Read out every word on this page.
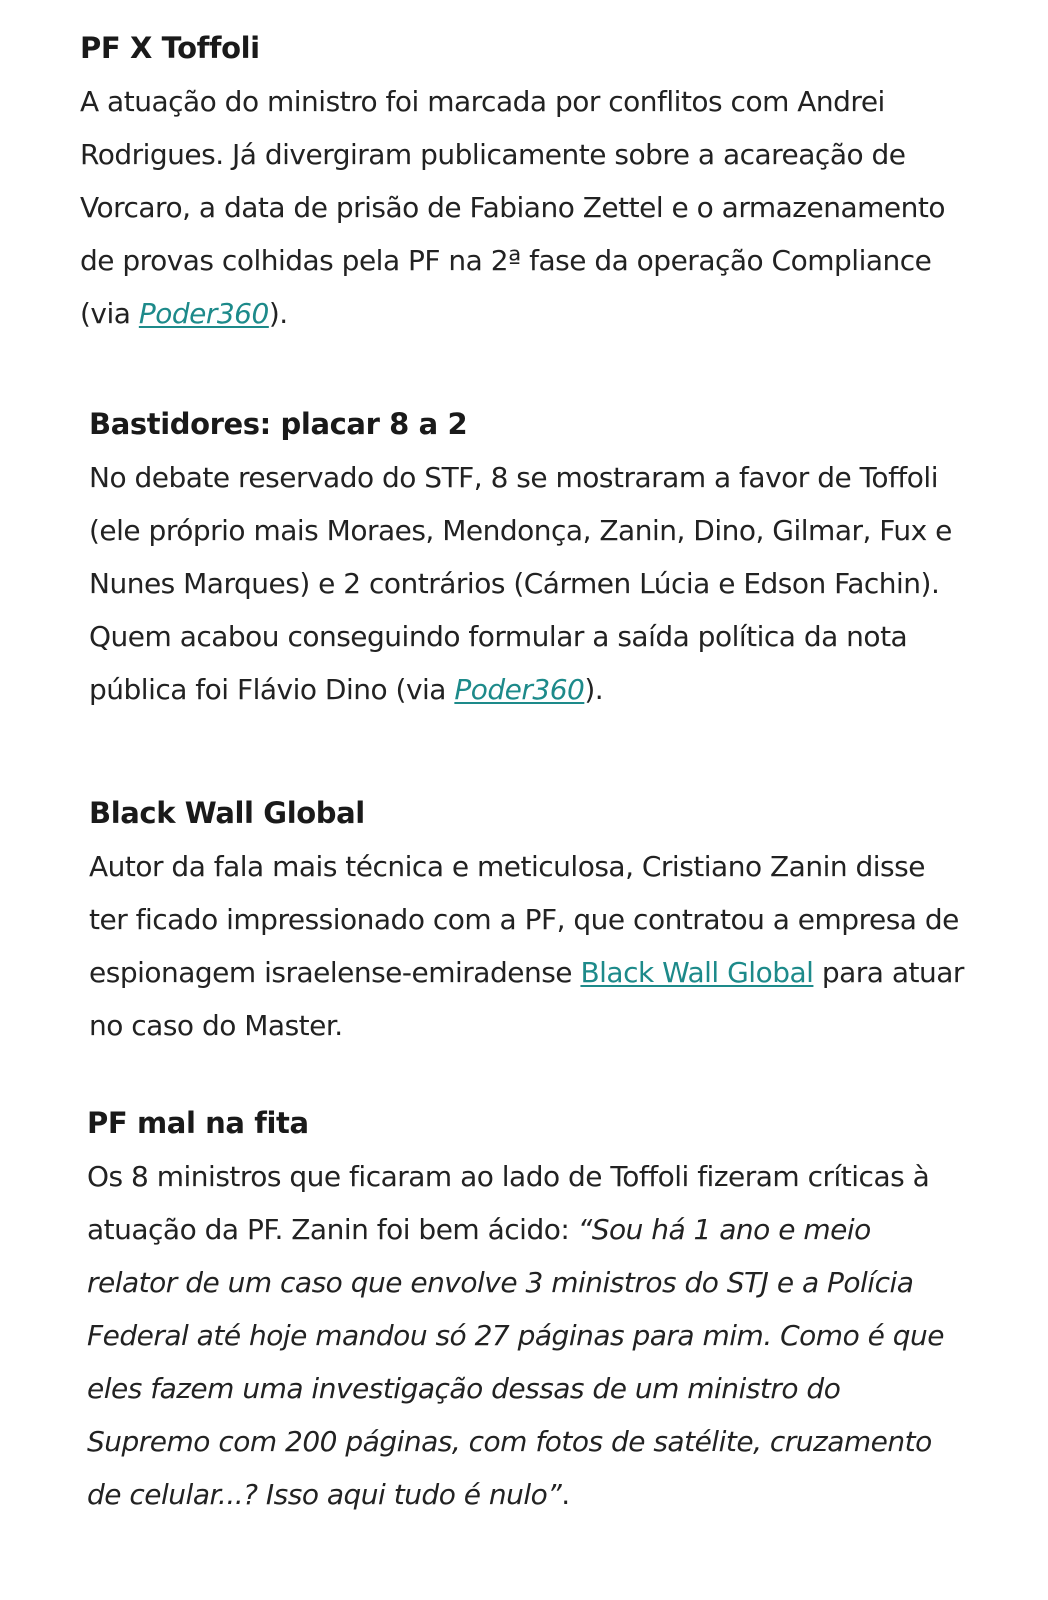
PF X Toffoli

A atuação do ministro foi marcada por conflitos com Andrei Rodrigues. Já divergiram publicamente sobre a acareação de Vorcaro, a data de prisão de Fabiano Zettel e o armazenamento de provas colhidas pela PF na 2ª fase da operação Compliance (via Poder360).

Bastidores: placar 8 a 2

No debate reservado do STF, 8 se mostraram a favor de Toffoli (ele próprio mais Moraes, Mendonça, Zanin, Dino, Gilmar, Fux e Nunes Marques) e 2 contrários (Cármen Lúcia e Edson Fachin). Quem acabou conseguindo formular a saída política da nota pública foi Flávio Dino (via Poder360).

Black Wall Global

Autor da fala mais técnica e meticulosa, Cristiano Zanin disse ter ficado impressionado com a PF, que contratou a empresa de espionagem israelense-emiradense Black Wall Global para atuar no caso do Master.

PF mal na fita

Os 8 ministros que ficaram ao lado de Toffoli fizeram críticas à atuação da PF. Zanin foi bem ácido: “Sou há 1 ano e meio relator de um caso que envolve 3 ministros do STJ e a Polícia Federal até hoje mandou só 27 páginas para mim. Como é que eles fazem uma investigação dessas de um ministro do Supremo com 200 páginas, com fotos de satélite, cruzamento de celular...? Isso aqui tudo é nulo”.
